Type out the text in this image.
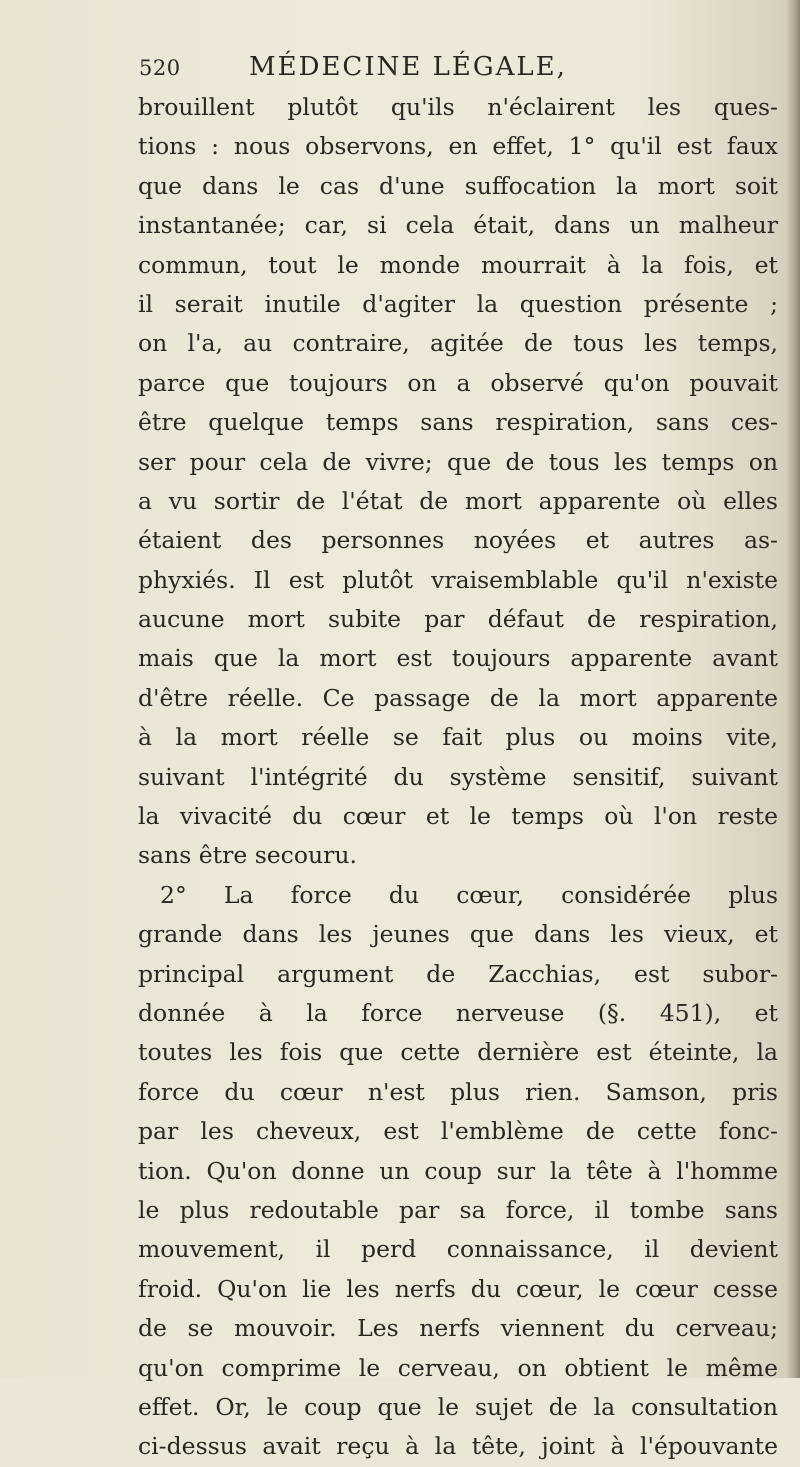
520	MÉDECINE LÉGALE,
brouillent plutôt qu'ils n'éclairent les ques-
tions : nous observons, en effet, 1° qu'il est faux
que dans le cas d'une suffocation la mort soit
instantanée; car, si cela était, dans un malheur
commun, tout le monde mourrait à la fois, et
il serait inutile d'agiter la question présente ;
on l'a, au contraire, agitée de tous les temps,
parce que toujours on a observé qu'on pouvait
être quelque temps sans respiration, sans ces-
ser pour cela de vivre; que de tous les temps on
a vu sortir de l'état de mort apparente où elles
étaient des personnes noyées et autres as-
phyxiés. Il est plutôt vraisemblable qu'il n'existe
aucune mort subite par défaut de respiration,
mais que la mort est toujours apparente avant
d'être réelle. Ce passage de la mort apparente
à la mort réelle se fait plus ou moins vite,
suivant l'intégrité du système sensitif, suivant
la vivacité du cœur et le temps où l'on reste
sans être secouru.
2° La force du cœur, considérée plus
grande dans les jeunes que dans les vieux, et
principal argument de Zacchias, est subor-
donnée à la force nerveuse (§. 451), et
toutes les fois que cette dernière est éteinte, la
force du cœur n'est plus rien. Samson, pris
par les cheveux, est l'emblème de cette fonc-
tion. Qu'on donne un coup sur la tête à l'homme
le plus redoutable par sa force, il tombe sans
mouvement, il perd connaissance, il devient
froid. Qu'on lie les nerfs du cœur, le cœur cesse
de se mouvoir. Les nerfs viennent du cerveau;
qu'on comprime le cerveau, on obtient le même
effet. Or, le coup que le sujet de la consultation
ci-dessus avait reçu à la tête, joint à l'épouvante
